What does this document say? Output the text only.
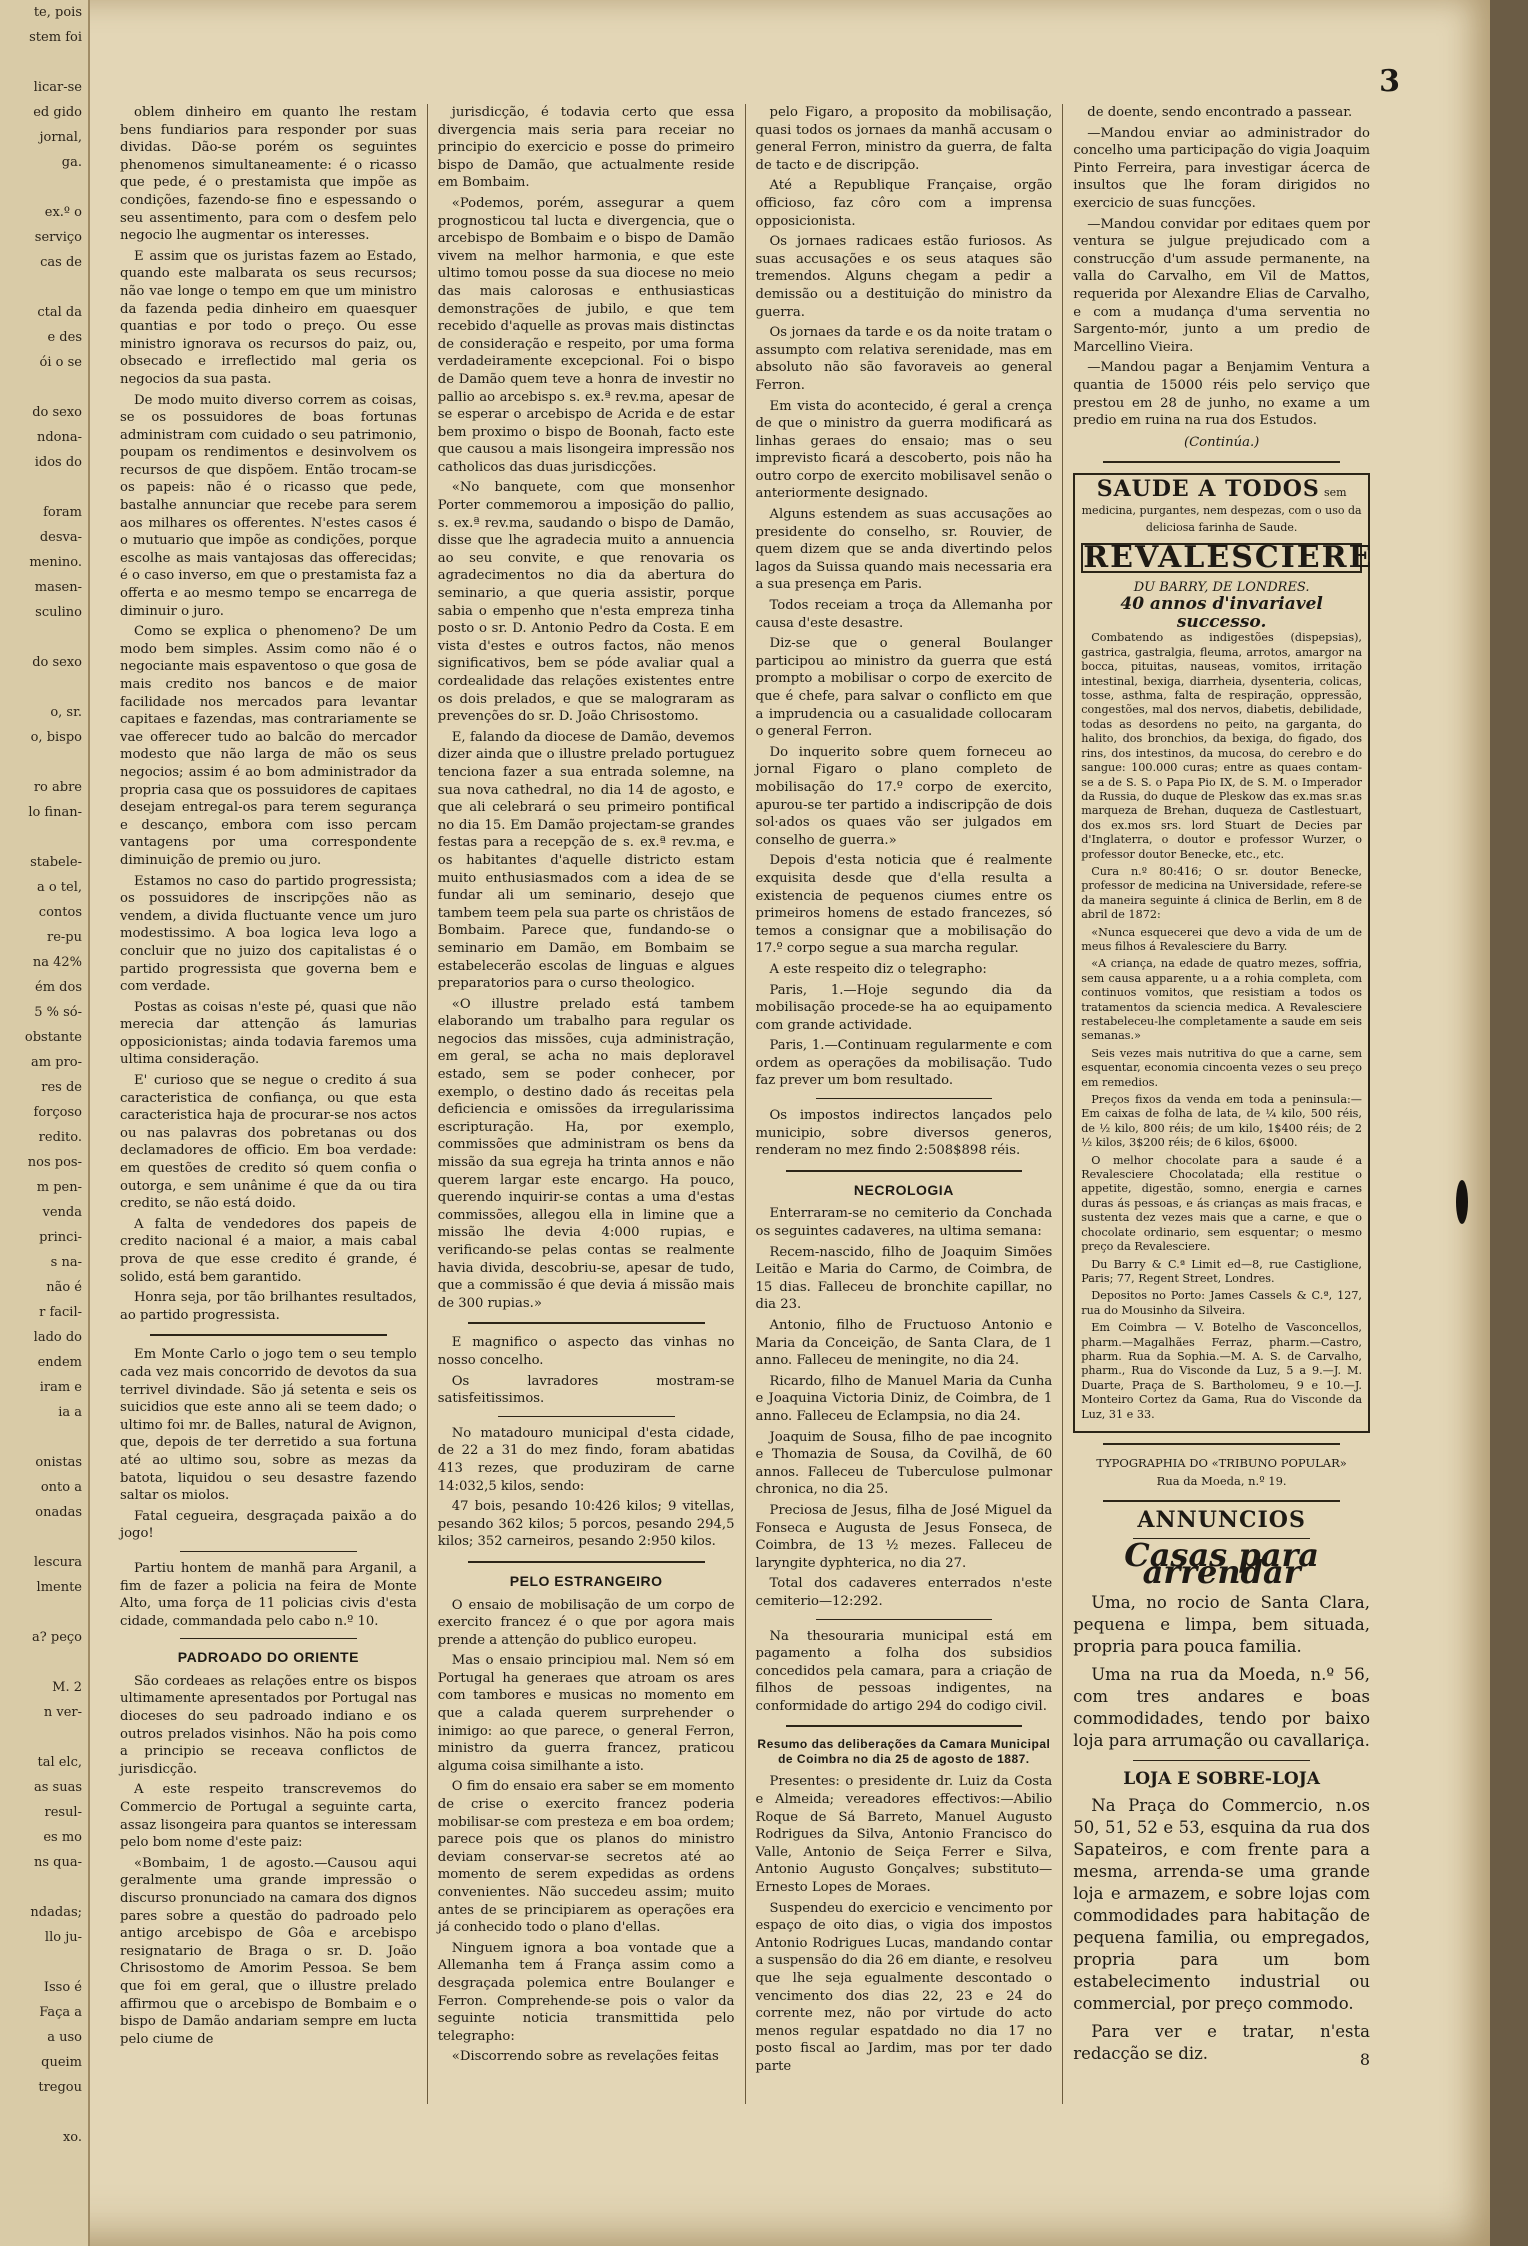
te, pois
stem foi

licar-se
ed gido
jornal,
ga.

ex.º o
serviço
cas de

ctal da
e des
ói o se

do sexo
ndona-
idos do

foram
desva-
menino.
masen-
sculino

do sexo

o, sr.
o, bispo

ro abre
lo finan-

stabele-
a o tel,
contos
re-pu
na 42%
ém dos
5 % só-
obstante
am pro-
res de
forçoso
redito.
nos pos-
m pen-
venda
princi-
s na-
não é
r facil-
lado do
endem
iram e
ia a

onistas
onto a
onadas

lescura
lmente

a? peço

M. 2
n ver-

tal elc,
as suas
resul-
es mo
ns qua-

ndadas;
llo ju-

Isso é
Faça a
a uso
queim
tregou

xo.
3

oblem dinheiro em quanto lhe restam bens fundiarios para responder por suas dividas. Dão-se porém os seguintes phenomenos simultaneamente: é o ricasso que pede, é o prestamista que impõe as condições, fazendo-se fino e espessando o seu assentimento, para com o desfem pelo negocio lhe augmentar os interesses.

E assim que os juristas fazem ao Estado, quando este malbarata os seus recursos; não vae longe o tempo em que um ministro da fazenda pedia dinheiro em quaesquer quantias e por todo o preço. Ou esse ministro ignorava os recursos do paiz, ou, obsecado e irreflectido mal geria os negocios da sua pasta.

De modo muito diverso correm as coisas, se os possuidores de boas fortunas administram com cuidado o seu patrimonio, poupam os rendimentos e desinvolvem os recursos de que dispõem. Então trocam-se os papeis: não é o ricasso que pede, bastalhe annunciar que recebe para serem aos milhares os offerentes. N'estes casos é o mutuario que impõe as condições, porque escolhe as mais vantajosas das offerecidas; é o caso inverso, em que o prestamista faz a offerta e ao mesmo tempo se encarrega de diminuir o juro.

Como se explica o phenomeno? De um modo bem simples. Assim como não é o negociante mais espaventoso o que gosa de mais credito nos bancos e de maior facilidade nos mercados para levantar capitaes e fazendas, mas contrariamente se vae offerecer tudo ao balcão do mercador modesto que não larga de mão os seus negocios; assim é ao bom administrador da propria casa que os possuidores de capitaes desejam entregal-os para terem segurança e descanço, embora com isso percam vantagens por uma correspondente diminuição de premio ou juro.

Estamos no caso do partido progressista; os possuidores de inscripções não as vendem, a divida fluctuante vence um juro modestissimo. A boa logica leva logo a concluir que no juizo dos capitalistas é o partido progressista que governa bem e com verdade.

Postas as coisas n'este pé, quasi que não merecia dar attenção ás lamurias opposicionistas; ainda todavia faremos uma ultima consideração.

E' curioso que se negue o credito á sua caracteristica de confiança, ou que esta caracteristica haja de procurar-se nos actos ou nas palavras dos pobretanas ou dos declamadores de officio. Em boa verdade: em questões de credito só quem confia o outorga, e sem unânime é que da ou tira credito, se não está doido.

A falta de vendedores dos papeis de credito nacional é a maior, a mais cabal prova de que esse credito é grande, é solido, está bem garantido.

Honra seja, por tão brilhantes resultados, ao partido progressista.

Em Monte Carlo o jogo tem o seu templo cada vez mais concorrido de devotos da sua terrivel divindade. São já setenta e seis os suicidios que este anno ali se teem dado; o ultimo foi mr. de Balles, natural de Avignon, que, depois de ter derretido a sua fortuna até ao ultimo sou, sobre as mezas da batota, liquidou o seu desastre fazendo saltar os miolos.

Fatal cegueira, desgraçada paixão a do jogo!

Partiu hontem de manhã para Arganil, a fim de fazer a policia na feira de Monte Alto, uma força de 11 policias civis d'esta cidade, commandada pelo cabo n.º 10.

PADROADO DO ORIENTE

São cordeaes as relações entre os bispos ultimamente apresentados por Portugal nas dioceses do seu padroado indiano e os outros prelados visinhos. Não ha pois como a principio se receava conflictos de jurisdicção.

A este respeito transcrevemos do Commercio de Portugal a seguinte carta, assaz lisongeira para quantos se interessam pelo bom nome d'este paiz:

«Bombaim, 1 de agosto.—Causou aqui geralmente uma grande impressão o discurso pronunciado na camara dos dignos pares sobre a questão do padroado pelo antigo arcebispo de Gôa e arcebispo resignatario de Braga o sr. D. João Chrisostomo de Amorim Pessoa. Se bem que foi em geral, que o illustre prelado affirmou que o arcebispo de Bombaim e o bispo de Damão andariam sempre em lucta pelo ciume de

jurisdicção, é todavia certo que essa divergencia mais seria para receiar no principio do exercicio e posse do primeiro bispo de Damão, que actualmente reside em Bombaim.

«Podemos, porém, assegurar a quem prognosticou tal lucta e divergencia, que o arcebispo de Bombaim e o bispo de Damão vivem na melhor harmonia, e que este ultimo tomou posse da sua diocese no meio das mais calorosas e enthusiasticas demonstrações de jubilo, e que tem recebido d'aquelle as provas mais distinctas de consideração e respeito, por uma forma verdadeiramente excepcional. Foi o bispo de Damão quem teve a honra de investir no pallio ao arcebispo s. ex.ª rev.ma, apesar de se esperar o arcebispo de Acrida e de estar bem proximo o bispo de Boonah, facto este que causou a mais lisongeira impressão nos catholicos das duas jurisdicções.

«No banquete, com que monsenhor Porter commemorou a imposição do pallio, s. ex.ª rev.ma, saudando o bispo de Damão, disse que lhe agradecia muito a annuencia ao seu convite, e que renovaria os agradecimentos no dia da abertura do seminario, a que queria assistir, porque sabia o empenho que n'esta empreza tinha posto o sr. D. Antonio Pedro da Costa. E em vista d'estes e outros factos, não menos significativos, bem se póde avaliar qual a cordealidade das relações existentes entre os dois prelados, e que se malograram as prevenções do sr. D. João Chrisostomo.

E, falando da diocese de Damão, devemos dizer ainda que o illustre prelado portuguez tenciona fazer a sua entrada solemne, na sua nova cathedral, no dia 14 de agosto, e que ali celebrará o seu primeiro pontifical no dia 15. Em Damão projectam-se grandes festas para a recepção de s. ex.ª rev.ma, e os habitantes d'aquelle districto estam muito enthusiasmados com a idea de se fundar ali um seminario, desejo que tambem teem pela sua parte os christãos de Bombaim. Parece que, fundando-se o seminario em Damão, em Bombaim se estabelecerão escolas de linguas e algues preparatorios para o curso theologico.

«O illustre prelado está tambem elaborando um trabalho para regular os negocios das missões, cuja administração, em geral, se acha no mais deploravel estado, sem se poder conhecer, por exemplo, o destino dado ás receitas pela deficiencia e omissões da irregularissima escripturação. Ha, por exemplo, commissões que administram os bens da missão da sua egreja ha trinta annos e não querem largar este encargo. Ha pouco, querendo inquirir-se contas a uma d'estas commissões, allegou ella in limine que a missão lhe devia 4:000 rupias, e verificando-se pelas contas se realmente havia divida, descobriu-se, apesar de tudo, que a commissão é que devia á missão mais de 300 rupias.»

E magnifico o aspecto das vinhas no nosso concelho.

Os lavradores mostram-se satisfeitissimos.

No matadouro municipal d'esta cidade, de 22 a 31 do mez findo, foram abatidas 413 rezes, que produziram de carne 14:032,5 kilos, sendo:

47 bois, pesando 10:426 kilos; 9 vitellas, pesando 362 kilos; 5 porcos, pesando 294,5 kilos; 352 carneiros, pesando 2:950 kilos.

PELO ESTRANGEIRO

O ensaio de mobilisação de um corpo de exercito francez é o que por agora mais prende a attenção do publico europeu.

Mas o ensaio principiou mal. Nem só em Portugal ha generaes que atroam os ares com tambores e musicas no momento em que a calada querem surprehender o inimigo: ao que parece, o general Ferron, ministro da guerra francez, praticou alguma coisa similhante a isto.

O fim do ensaio era saber se em momento de crise o exercito francez poderia mobilisar-se com presteza e em boa ordem; parece pois que os planos do ministro deviam conservar-se secretos até ao momento de serem expedidas as ordens convenientes. Não succedeu assim; muito antes de se principiarem as operações era já conhecido todo o plano d'ellas.

Ninguem ignora a boa vontade que a Allemanha tem á França assim como a desgraçada polemica entre Boulanger e Ferron. Comprehende-se pois o valor da seguinte noticia transmittida pelo telegrapho:

«Discorrendo sobre as revelações feitas

pelo Figaro, a proposito da mobilisação, quasi todos os jornaes da manhã accusam o general Ferron, ministro da guerra, de falta de tacto e de discripção.

Até a Republique Française, orgão officioso, faz côro com a imprensa opposicionista.

Os jornaes radicaes estão furiosos. As suas accusações e os seus ataques são tremendos. Alguns chegam a pedir a demissão ou a destituição do ministro da guerra.

Os jornaes da tarde e os da noite tratam o assumpto com relativa serenidade, mas em absoluto não são favoraveis ao general Ferron.

Em vista do acontecido, é geral a crença de que o ministro da guerra modificará as linhas geraes do ensaio; mas o seu imprevisto ficará a descoberto, pois não ha outro corpo de exercito mobilisavel senão o anteriormente designado.

Alguns estendem as suas accusações ao presidente do conselho, sr. Rouvier, de quem dizem que se anda divertindo pelos lagos da Suissa quando mais necessaria era a sua presença em Paris.

Todos receiam a troça da Allemanha por causa d'este desastre.

Diz-se que o general Boulanger participou ao ministro da guerra que está prompto a mobilisar o corpo de exercito de que é chefe, para salvar o conflicto em que a imprudencia ou a casualidade collocaram o general Ferron.

Do inquerito sobre quem forneceu ao jornal Figaro o plano completo de mobilisação do 17.º corpo de exercito, apurou-se ter partido a indiscripção de dois sol·ados os quaes vão ser julgados em conselho de guerra.»

Depois d'esta noticia que é realmente exquisita desde que d'ella resulta a existencia de pequenos ciumes entre os primeiros homens de estado francezes, só temos a consignar que a mobilisação do 17.º corpo segue a sua marcha regular.

A este respeito diz o telegrapho:

Paris, 1.—Hoje segundo dia da mobilisação procede-se ha ao equipamento com grande actividade.

Paris, 1.—Continuam regularmente e com ordem as operações da mobilisação. Tudo faz prever um bom resultado.

Os impostos indirectos lançados pelo municipio, sobre diversos generos, renderam no mez findo 2:508$898 réis.

NECROLOGIA

Enterraram-se no cemiterio da Conchada os seguintes cadaveres, na ultima semana:

Recem-nascido, filho de Joaquim Simões Leitão e Maria do Carmo, de Coimbra, de 15 dias. Falleceu de bronchite capillar, no dia 23.

Antonio, filho de Fructuoso Antonio e Maria da Conceição, de Santa Clara, de 1 anno. Falleceu de meningite, no dia 24.

Ricardo, filho de Manuel Maria da Cunha e Joaquina Victoria Diniz, de Coimbra, de 1 anno. Falleceu de Eclampsia, no dia 24.

Joaquim de Sousa, filho de pae incognito e Thomazia de Sousa, da Covilhã, de 60 annos. Falleceu de Tuberculose pulmonar chronica, no dia 25.

Preciosa de Jesus, filha de José Miguel da Fonseca e Augusta de Jesus Fonseca, de Coimbra, de 13 ½ mezes. Falleceu de laryngite dyphterica, no dia 27.

Total dos cadaveres enterrados n'este cemiterio—12:292.

Na thesouraria municipal está em pagamento a folha dos subsidios concedidos pela camara, para a criação de filhos de pessoas indigentes, na conformidade do artigo 294 do codigo civil.

Resumo das deliberações da Camara Municipal de Coimbra no dia 25 de agosto de 1887.

Presentes: o presidente dr. Luiz da Costa e Almeida; vereadores effectivos:—Abilio Roque de Sá Barreto, Manuel Augusto Rodrigues da Silva, Antonio Francisco do Valle, Antonio de Seiça Ferrer e Silva, Antonio Augusto Gonçalves; substituto—Ernesto Lopes de Moraes.

Suspendeu do exercicio e vencimento por espaço de oito dias, o vigia dos impostos Antonio Rodrigues Lucas, mandando contar a suspensão do dia 26 em diante, e resolveu que lhe seja egualmente descontado o vencimento dos dias 22, 23 e 24 do corrente mez, não por virtude do acto menos regular espatdado no dia 17 no posto fiscal ao Jardim, mas por ter dado parte

de doente, sendo encontrado a passear.

—Mandou enviar ao administrador do concelho uma participação do vigia Joaquim Pinto Ferreira, para investigar ácerca de insultos que lhe foram dirigidos no exercicio de suas funcções.

—Mandou convidar por editaes quem por ventura se julgue prejudicado com a construcção d'um assude permanente, na valla do Carvalho, em Vil de Mattos, requerida por Alexandre Elias de Carvalho, e com a mudança d'uma serventia no Sargento-mór, junto a um predio de Marcellino Vieira.

—Mandou pagar a Benjamim Ventura a quantia de 15000 réis pelo serviço que prestou em 28 de junho, no exame a um predio em ruina na rua dos Estudos.

(Continúa.)
SAUDE A TODOS sem medicina, purgantes, nem despezas, com o uso da deliciosa farinha de Saude.
REVALESCIERE
DU BARRY, DE LONDRES.
40 annos d'invariavel successo.

Combatendo as indigestões (dispepsias), gastrica, gastralgia, fleuma, arrotos, amargor na bocca, pituitas, nauseas, vomitos, irritação intestinal, bexiga, diarrheia, dysenteria, colicas, tosse, asthma, falta de respiração, oppressão, congestões, mal dos nervos, diabetis, debilidade, todas as desordens no peito, na garganta, do halito, dos bronchios, da bexiga, do figado, dos rins, dos intestinos, da mucosa, do cerebro e do sangue: 100.000 curas; entre as quaes contam-se a de S. S. o Papa Pio IX, de S. M. o Imperador da Russia, do duque de Pleskow das ex.mas sr.as marqueza de Brehan, duqueza de Castlestuart, dos ex.mos srs. lord Stuart de Decies par d'Inglaterra, o doutor e professor Wurzer, o professor doutor Benecke, etc., etc.

Cura n.º 80:416; O sr. doutor Benecke, professor de medicina na Universidade, refere-se da maneira seguinte á clinica de Berlin, em 8 de abril de 1872:

«Nunca esquecerei que devo a vida de um de meus filhos á Revalesciere du Barry.

«A criança, na edade de quatro mezes, soffria, sem causa apparente, u a a rohia completa, com continuos vomitos, que resistiam a todos os tratamentos da sciencia medica. A Revalesciere restabeleceu-lhe completamente a saude em seis semanas.»

Seis vezes mais nutritiva do que a carne, sem esquentar, economia cincoenta vezes o seu preço em remedios.

Preços fixos da venda em toda a peninsula:—Em caixas de folha de lata, de ¼ kilo, 500 réis, de ½ kilo, 800 réis; de um kilo, 1$400 réis; de 2 ½ kilos, 3$200 réis; de 6 kilos, 6$000.

O melhor chocolate para a saude é a Revalesciere Chocolatada; ella restitue o appetite, digestão, somno, energia e carnes duras ás pessoas, e ás crianças as mais fracas, e sustenta dez vezes mais que a carne, e que o chocolate ordinario, sem esquentar; o mesmo preço da Revalesciere.

Du Barry & C.ª Limit ed—8, rue Castiglione, Paris; 77, Regent Street, Londres.

Depositos no Porto: James Cassels & C.ª, 127, rua do Mousinho da Silveira.

Em Coimbra — V. Botelho de Vasconcellos, pharm.—Magalhães Ferraz, pharm.—Castro, pharm. Rua da Sophia.—M. A. S. de Carvalho, pharm., Rua do Visconde da Luz, 5 a 9.—J. M. Duarte, Praça de S. Bartholomeu, 9 e 10.—J. Monteiro Cortez da Gama, Rua do Visconde da Luz, 31 e 33.

TYPOGRAPHIA DO «TRIBUNO POPULAR»
Rua da Moeda, n.º 19.
ANNUNCIOS
Casas para arrendar

Uma, no rocio de Santa Clara, pequena e limpa, bem situada, propria para pouca familia.

Uma na rua da Moeda, n.º 56, com tres andares e boas commodidades, tendo por baixo loja para arrumação ou cavallariça.

LOJA E SOBRE-LOJA

Na Praça do Commercio, n.os 50, 51, 52 e 53, esquina da rua dos Sapateiros, e com frente para a mesma, arrenda-se uma grande loja e armazem, e sobre lojas com commodidades para habitação de pequena familia, ou empregados, propria para um bom estabelecimento industrial ou commercial, por preço commodo.

Para ver e tratar, n'esta redacção se diz.	8
